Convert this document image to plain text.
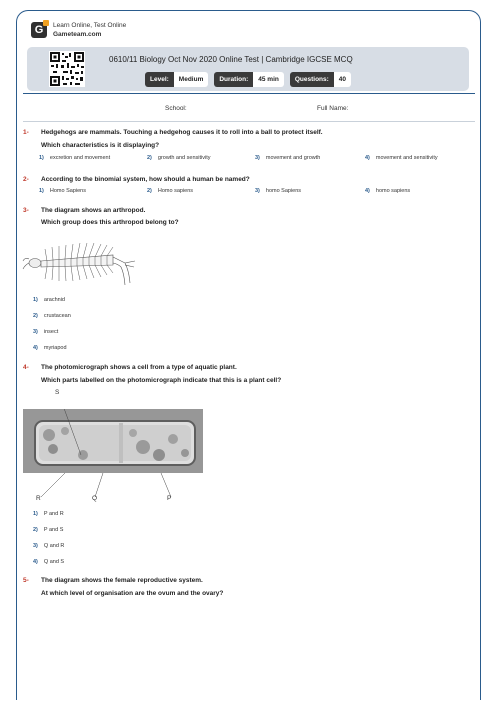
G Learn Online, Test Online
Gameteam.com
0610/11 Biology Oct Nov 2020 Online Test | Cambridge IGCSE MCQ
Level:	Medium	Duration:	45 min	Questions:	40
School:	Full Name:
1- Hedgehogs are mammals. Touching a hedgehog causes it to roll into a ball to protect itself.
Which characteristics is it displaying?
1) excretion and movement	2) growth and sensitivity	3) movement and growth	4) movement and sensitivity
2- According to the binomial system, how should a human be named?
1) Homo Sapiens	2) Homo sapiens	3) homo Sapiens	4) homo sapiens
3- The diagram shows an arthropod.
Which group does this arthropod belong to?
1) arachnid
2) crustacean
3) insect
4) myriapod
4- The photomicrograph shows a cell from a type of aquatic plant.
Which parts labelled on the photomicrograph indicate that this is a plant cell?
S
R	Q	P
1) P and R
2) P and S
3) Q and R
4) Q and S
5- The diagram shows the female reproductive system.
At which level of organisation are the ovum and the ovary?
